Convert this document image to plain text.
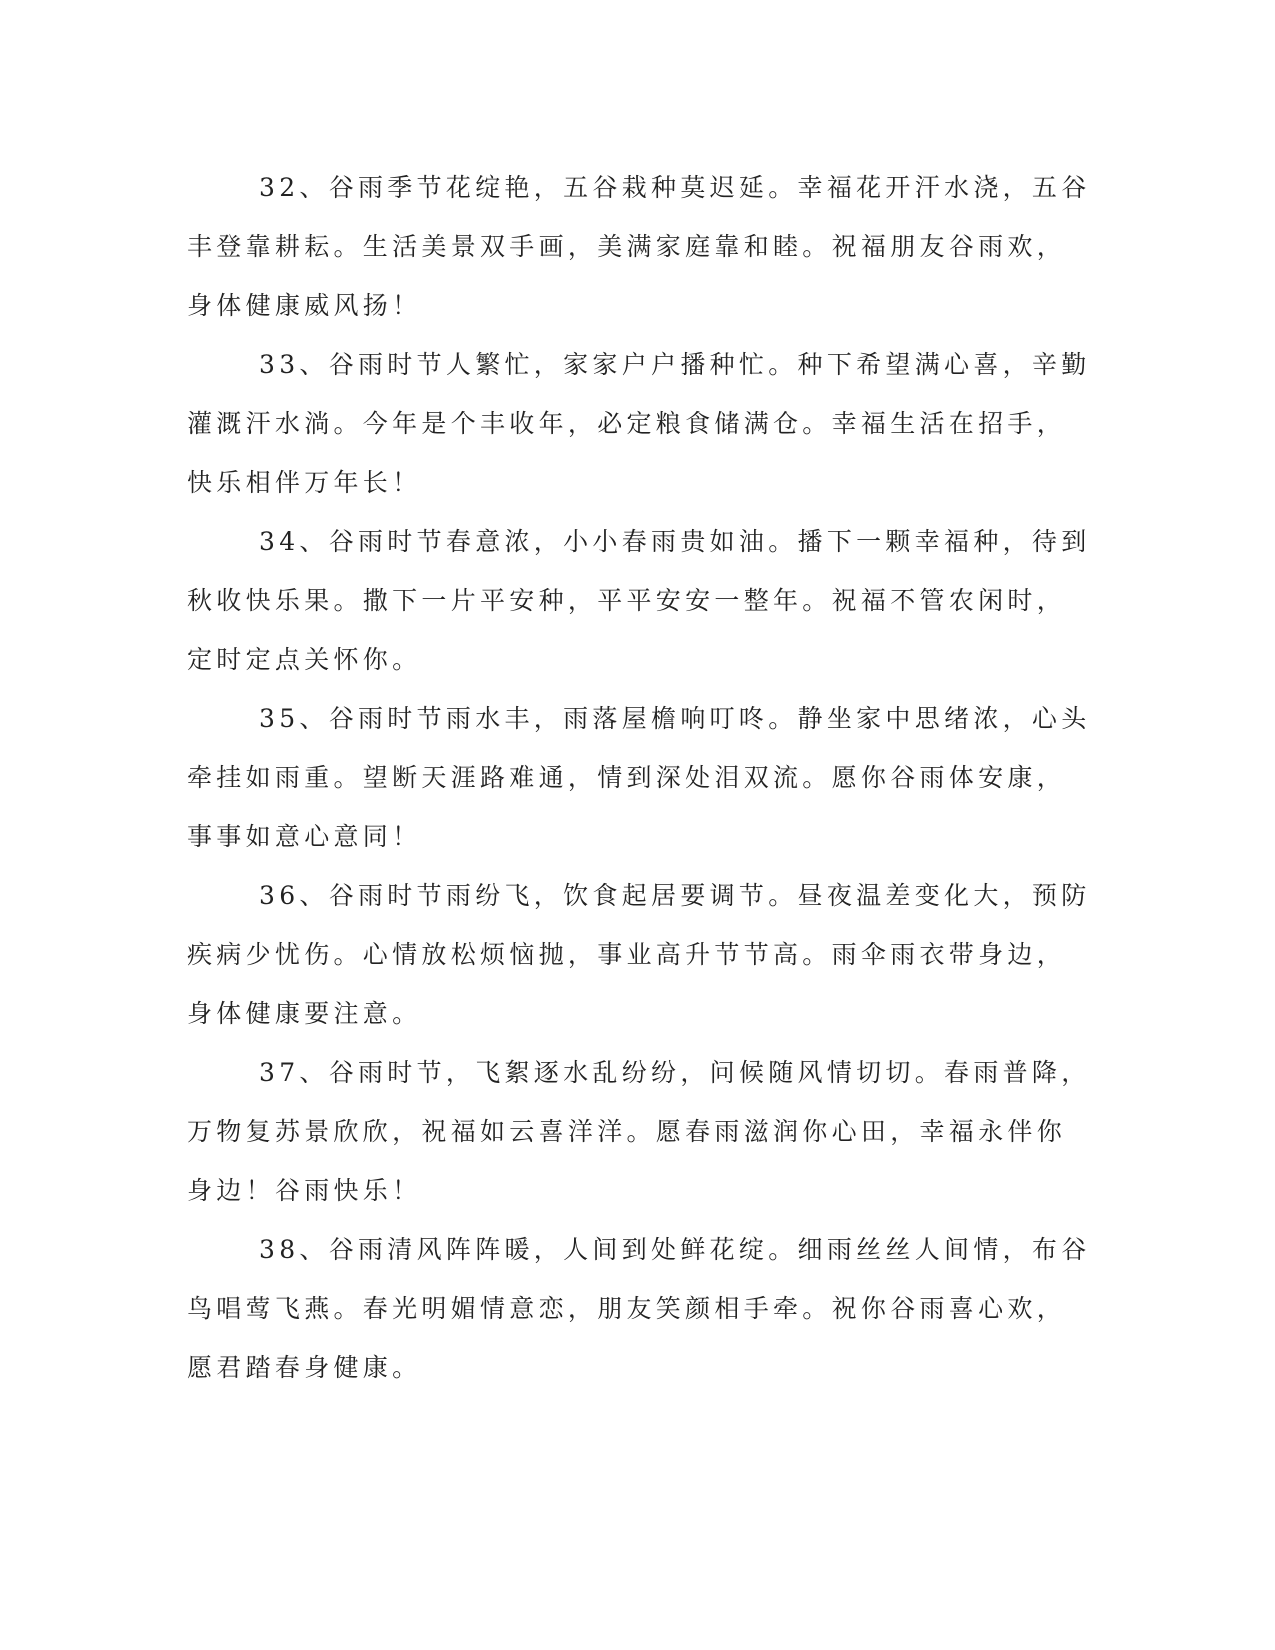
32、谷雨季节花绽艳，五谷栽种莫迟延。幸福花开汗水浇，五谷
丰登靠耕耘。生活美景双手画，美满家庭靠和睦。祝福朋友谷雨欢，
身体健康威风扬！

33、谷雨时节人繁忙，家家户户播种忙。种下希望满心喜，辛勤
灌溉汗水淌。今年是个丰收年，必定粮食储满仓。幸福生活在招手，
快乐相伴万年长！

34、谷雨时节春意浓，小小春雨贵如油。播下一颗幸福种，待到
秋收快乐果。撒下一片平安种，平平安安一整年。祝福不管农闲时，
定时定点关怀你。

35、谷雨时节雨水丰，雨落屋檐响叮咚。静坐家中思绪浓，心头
牵挂如雨重。望断天涯路难通，情到深处泪双流。愿你谷雨体安康，
事事如意心意同！

36、谷雨时节雨纷飞，饮食起居要调节。昼夜温差变化大，预防
疾病少忧伤。心情放松烦恼抛，事业高升节节高。雨伞雨衣带身边，
身体健康要注意。

37、谷雨时节，飞絮逐水乱纷纷，问候随风情切切。春雨普降，
万物复苏景欣欣，祝福如云喜洋洋。愿春雨滋润你心田，幸福永伴你
身边！谷雨快乐！

38、谷雨清风阵阵暖，人间到处鲜花绽。细雨丝丝人间情，布谷
鸟唱莺飞燕。春光明媚情意恋，朋友笑颜相手牵。祝你谷雨喜心欢，
愿君踏春身健康。
